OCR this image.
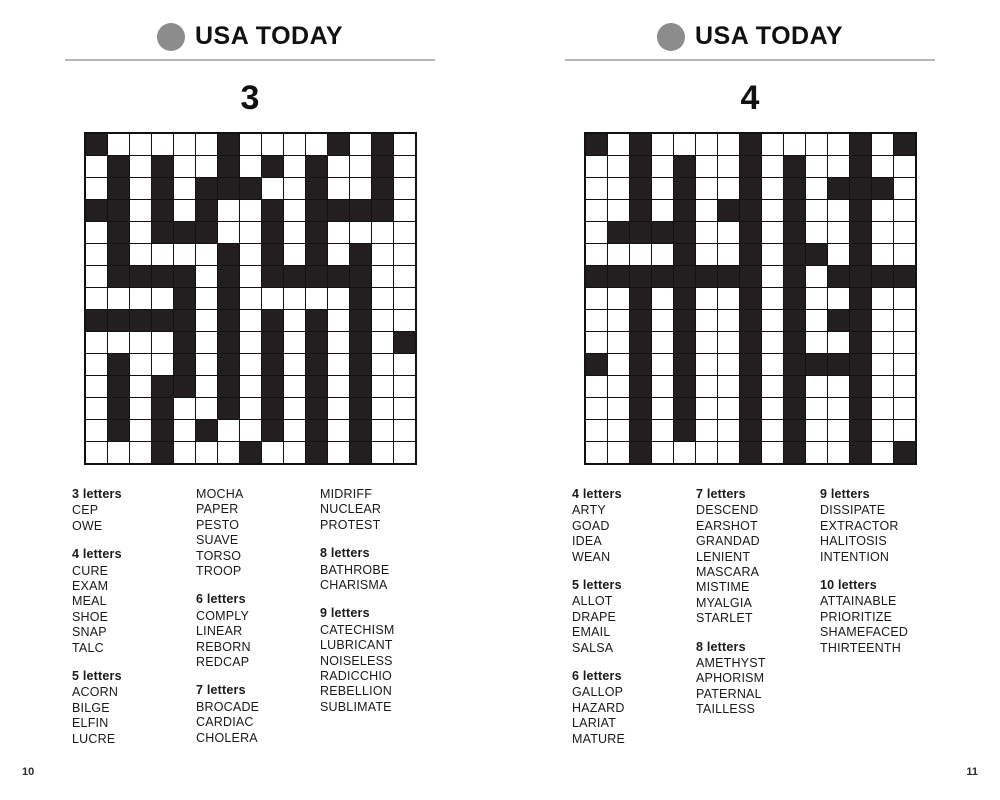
USA TODAY
3
3 letters
CEP
OWE
4 letters
CURE
EXAM
MEAL
SHOE
SNAP
TALC
5 letters
ACORN
BILGE
ELFIN
LUCRE
MOCHA
PAPER
PESTO
SUAVE
TORSO
TROOP
6 letters
COMPLY
LINEAR
REBORN
REDCAP
7 letters
BROCADE
CARDIAC
CHOLERA
MIDRIFF
NUCLEAR
PROTEST
8 letters
BATHROBE
CHARISMA
9 letters
CATECHISM
LUBRICANT
NOISELESS
RADICCHIO
REBELLION
SUBLIMATE
10
USA TODAY
4
4 letters
ARTY
GOAD
IDEA
WEAN
5 letters
ALLOT
DRAPE
EMAIL
SALSA
6 letters
GALLOP
HAZARD
LARIAT
MATURE
7 letters
DESCEND
EARSHOT
GRANDAD
LENIENT
MASCARA
MISTIME
MYALGIA
STARLET
8 letters
AMETHYST
APHORISM
PATERNAL
TAILLESS
9 letters
DISSIPATE
EXTRACTOR
HALITOSIS
INTENTION
10 letters
ATTAINABLE
PRIORITIZE
SHAMEFACED
THIRTEENTH
11
